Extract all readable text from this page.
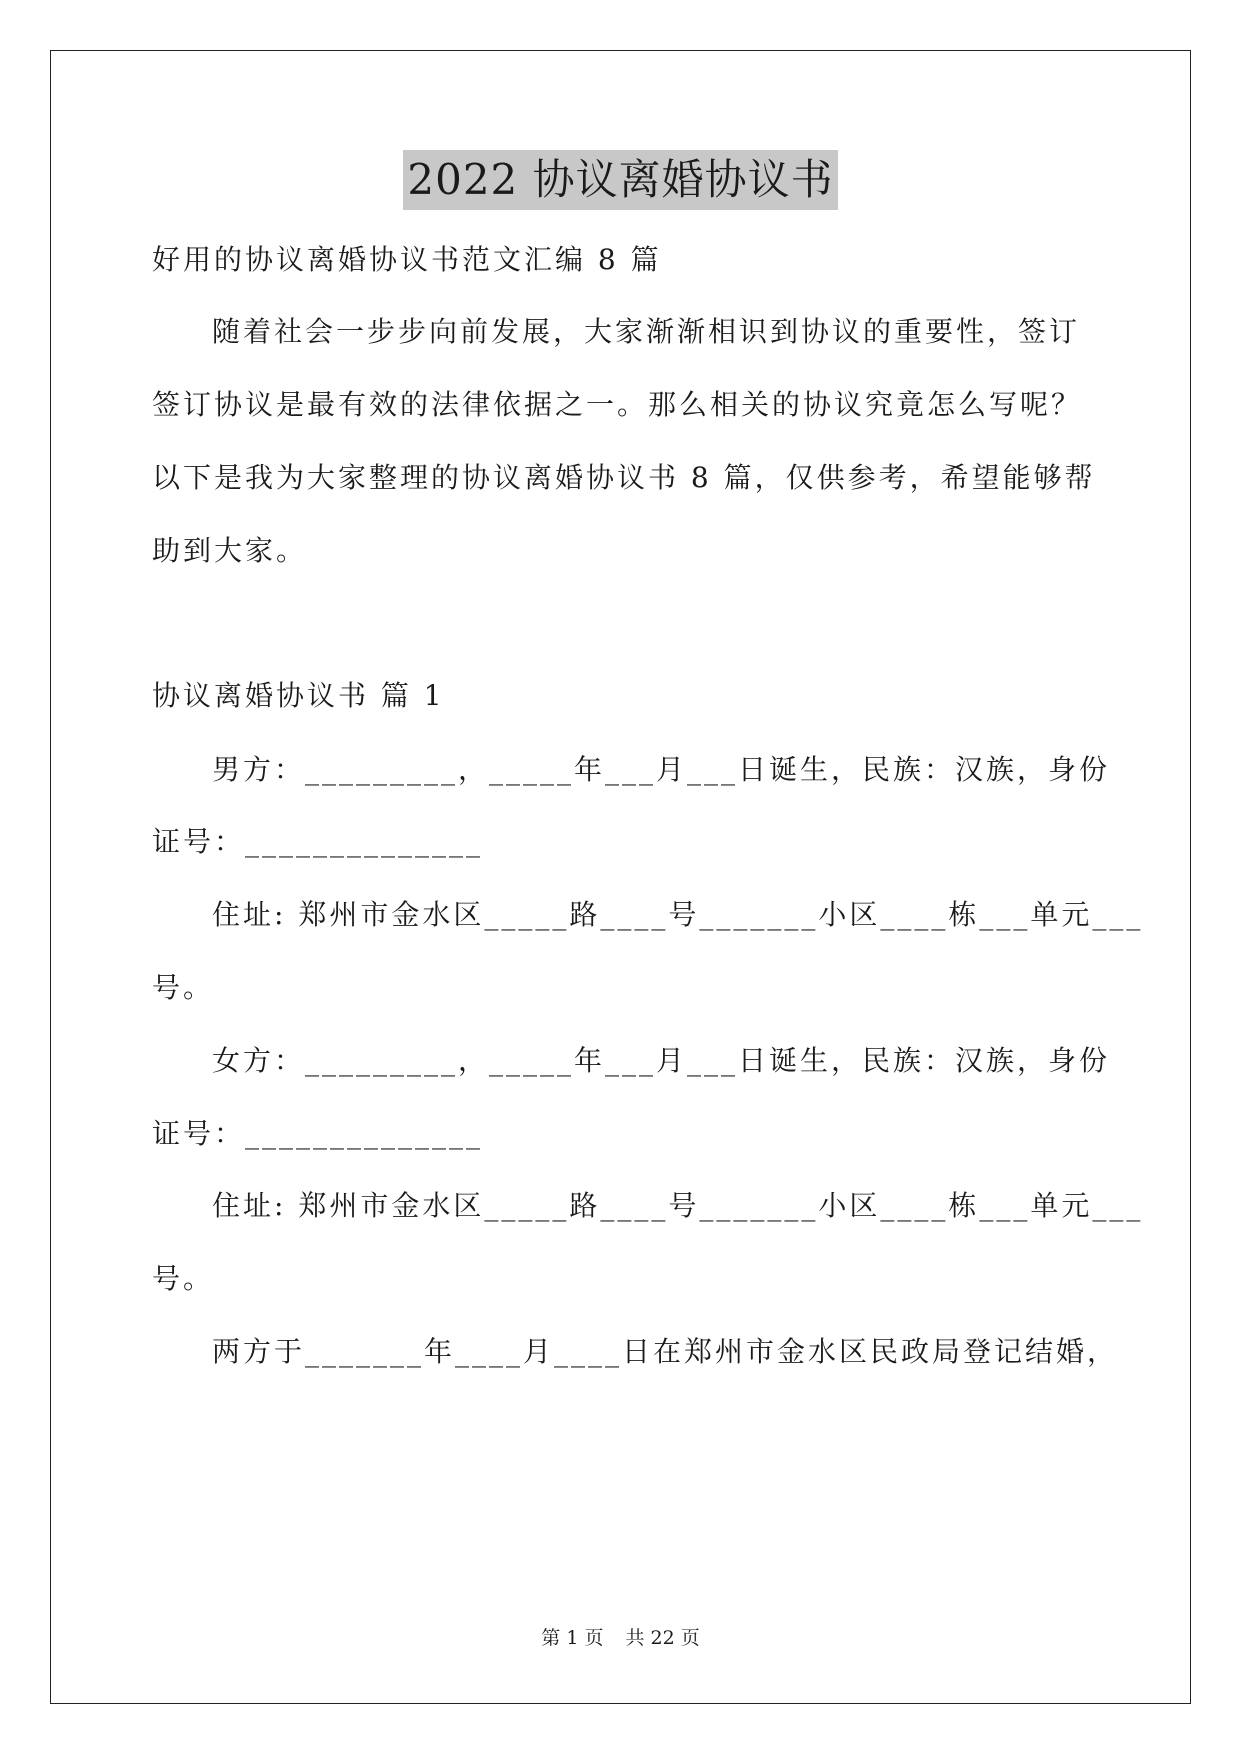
2022 协议离婚协议书
好用的协议离婚协议书范文汇编 8 篇
随着社会一步步向前发展，大家渐渐相识到协议的重要性，签订
签订协议是最有效的法律依据之一。那么相关的协议究竟怎么写呢？
以下是我为大家整理的协议离婚协议书 8 篇，仅供参考，希望能够帮
助到大家。
协议离婚协议书 篇 1
男方：_________，_____年___月___日诞生，民族：汉族，身份
证号：______________
住址: 郑州市金水区_____路____号_______小区____栋___单元___
号。
女方：_________，_____年___月___日诞生，民族：汉族，身份
证号：______________
住址: 郑州市金水区_____路____号_______小区____栋___单元___
号。
两方于_______年____月____日在郑州市金水区民政局登记结婚，
第 1 页 共 22 页
